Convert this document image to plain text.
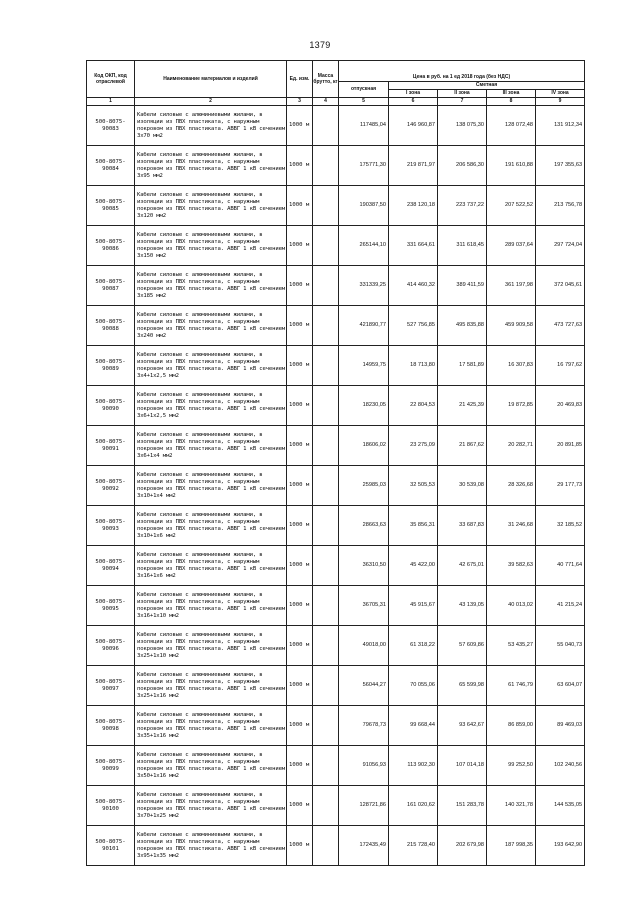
1379
Код ОКП, код отраслевой	Наименование материалов и изделий	Ед. изм.	Масса брутто, кг					
				Цена в руб. на 1 ед 2018 года (без НДС)				
				отпускная	Сметная			
					I зона	II зона	III зона	IV зона
1	2	3	4	5	6	7	8	9
500-8075-90083	Кабели силовые с алюминиевыми жилами, в изоляции из ПВХ пластиката, с наружным покровом из ПВХ пластиката. АВВГ 1 кВ сечением 3х70 мм2	1000 м		117485,04	146 960,87	138 075,30	128 072,48	131 912,34
500-8075-90084	Кабели силовые с алюминиевыми жилами, в изоляции из ПВХ пластиката, с наружным покровом из ПВХ пластиката. АВВГ 1 кВ сечением 3х95 мм2	1000 м		175771,30	219 871,97	206 586,30	191 610,88	197 355,63
500-8075-90085	Кабели силовые с алюминиевыми жилами, в изоляции из ПВХ пластиката, с наружным покровом из ПВХ пластиката. АВВГ 1 кВ сечением 3х120 мм2	1000 м		190387,50	238 120,18	223 737,22	207 522,52	213 756,78
500-8075-90086	Кабели силовые с алюминиевыми жилами, в изоляции из ПВХ пластиката, с наружным покровом из ПВХ пластиката. АВВГ 1 кВ сечением 3х150 мм2	1000 м		265144,10	331 664,61	311 618,45	289 037,64	297 724,04
500-8075-90087	Кабели силовые с алюминиевыми жилами, в изоляции из ПВХ пластиката, с наружным покровом из ПВХ пластиката. АВВГ 1 кВ сечением 3х185 мм2	1000 м		331339,25	414 460,32	389 411,59	361 197,98	372 045,61
500-8075-90088	Кабели силовые с алюминиевыми жилами, в изоляции из ПВХ пластиката, с наружным покровом из ПВХ пластиката. АВВГ 1 кВ сечением 3х240 мм2	1000 м		421890,77	527 756,85	495 835,88	459 909,58	473 727,63
500-8075-90089	Кабели силовые с алюминиевыми жилами, в изоляции из ПВХ пластиката, с наружным покровом из ПВХ пластиката. АВВГ 1 кВ сечением 3х4+1х2,5 мм2	1000 м		14959,75	18 713,80	17 581,89	16 307,83	16 797,62
500-8075-90090	Кабели силовые с алюминиевыми жилами, в изоляции из ПВХ пластиката, с наружным покровом из ПВХ пластиката. АВВГ 1 кВ сечением 3х6+1х2,5 мм2	1000 м		18230,05	22 804,53	21 425,39	19 872,85	20 469,83
500-8075-90091	Кабели силовые с алюминиевыми жилами, в изоляции из ПВХ пластиката, с наружным покровом из ПВХ пластиката. АВВГ 1 кВ сечением 3х6+1х4 мм2	1000 м		18606,02	23 275,09	21 867,62	20 282,71	20 891,85
500-8075-90092	Кабели силовые с алюминиевыми жилами, в изоляции из ПВХ пластиката, с наружным покровом из ПВХ пластиката. АВВГ 1 кВ сечением 3х10+1х4 мм2	1000 м		25985,03	32 505,53	30 539,08	28 326,68	29 177,73
500-8075-90093	Кабели силовые с алюминиевыми жилами, в изоляции из ПВХ пластиката, с наружным покровом из ПВХ пластиката. АВВГ 1 кВ сечением 3х10+1х6 мм2	1000 м		28663,63	35 856,31	33 687,83	31 246,68	32 185,52
500-8075-90094	Кабели силовые с алюминиевыми жилами, в изоляции из ПВХ пластиката, с наружным покровом из ПВХ пластиката. АВВГ 1 кВ сечением 3х16+1х6 мм2	1000 м		36310,50	45 422,00	42 675,01	39 582,63	40 771,64
500-8075-90095	Кабели силовые с алюминиевыми жилами, в изоляции из ПВХ пластиката, с наружным покровом из ПВХ пластиката. АВВГ 1 кВ сечением 3х16+1х10 мм2	1000 м		36705,31	45 915,67	43 139,05	40 013,02	41 215,24
500-8075-90096	Кабели силовые с алюминиевыми жилами, в изоляции из ПВХ пластиката, с наружным покровом из ПВХ пластиката. АВВГ 1 кВ сечением 3х25+1х10 мм2	1000 м		49018,00	61 318,22	57 609,86	53 435,27	55 040,73
500-8075-90097	Кабели силовые с алюминиевыми жилами, в изоляции из ПВХ пластиката, с наружным покровом из ПВХ пластиката. АВВГ 1 кВ сечением 3х25+1х16 мм2	1000 м		56044,27	70 055,06	65 599,98	61 746,79	63 604,07
500-8075-90098	Кабели силовые с алюминиевыми жилами, в изоляции из ПВХ пластиката, с наружным покровом из ПВХ пластиката. АВВГ 1 кВ сечением 3х35+1х16 мм2	1000 м		79678,73	99 668,44	93 642,67	86 859,00	89 469,03
500-8075-90099	Кабели силовые с алюминиевыми жилами, в изоляции из ПВХ пластиката, с наружным покровом из ПВХ пластиката. АВВГ 1 кВ сечением 3х50+1х16 мм2	1000 м		91056,93	113 902,30	107 014,18	99 252,50	102 240,56
500-8075-90100	Кабели силовые с алюминиевыми жилами, в изоляции из ПВХ пластиката, с наружным покровом из ПВХ пластиката. АВВГ 1 кВ сечением 3х70+1х25 мм2	1000 м		128721,86	161 020,62	151 283,78	140 321,78	144 535,05
500-8075-90101	Кабели силовые с алюминиевыми жилами, в изоляции из ПВХ пластиката, с наружным покровом из ПВХ пластиката. АВВГ 1 кВ сечением 3х95+1х35 мм2	1000 м		172435,49	215 728,40	202 679,98	187 998,35	193 642,90
